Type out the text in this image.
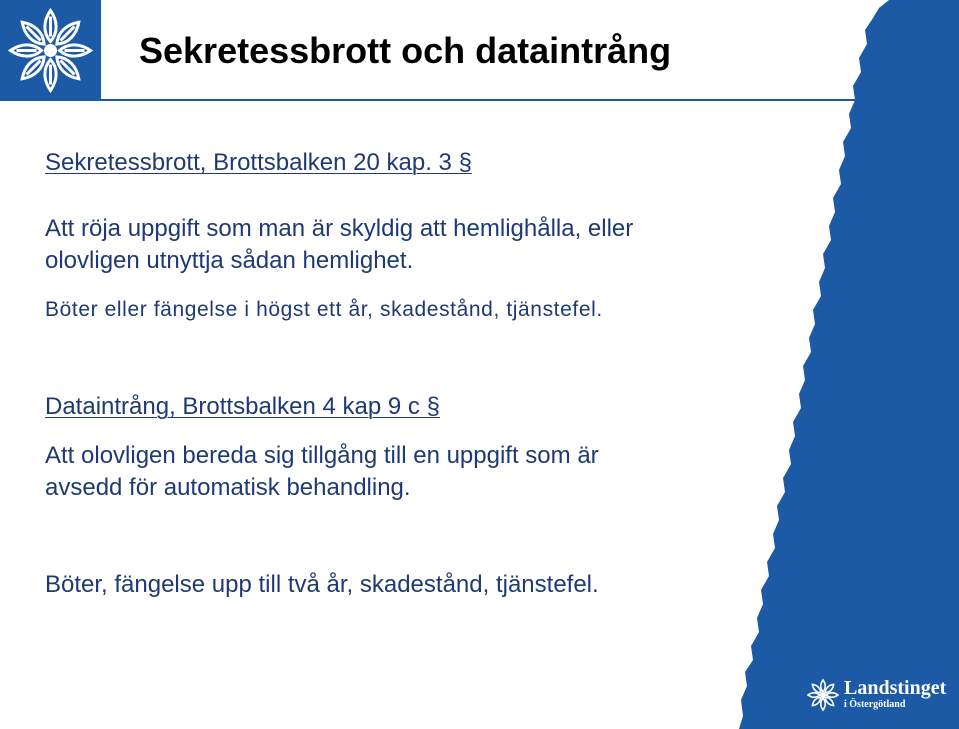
Sekretessbrott och dataintrång

Sekretessbrott, Brottsbalken 20 kap. 3 §

Att röja uppgift som man är skyldig att hemlighålla, eller

olovligen utnyttja sådan hemlighet.

Böter eller fängelse i högst ett år, skadestånd, tjänstefel.

Dataintrång, Brottsbalken 4 kap 9 c §

Att olovligen bereda sig tillgång till en uppgift som är

avsedd för automatisk behandling.

Böter, fängelse upp till två år, skadestånd, tjänstefel.

Landstinget
i Östergötland
